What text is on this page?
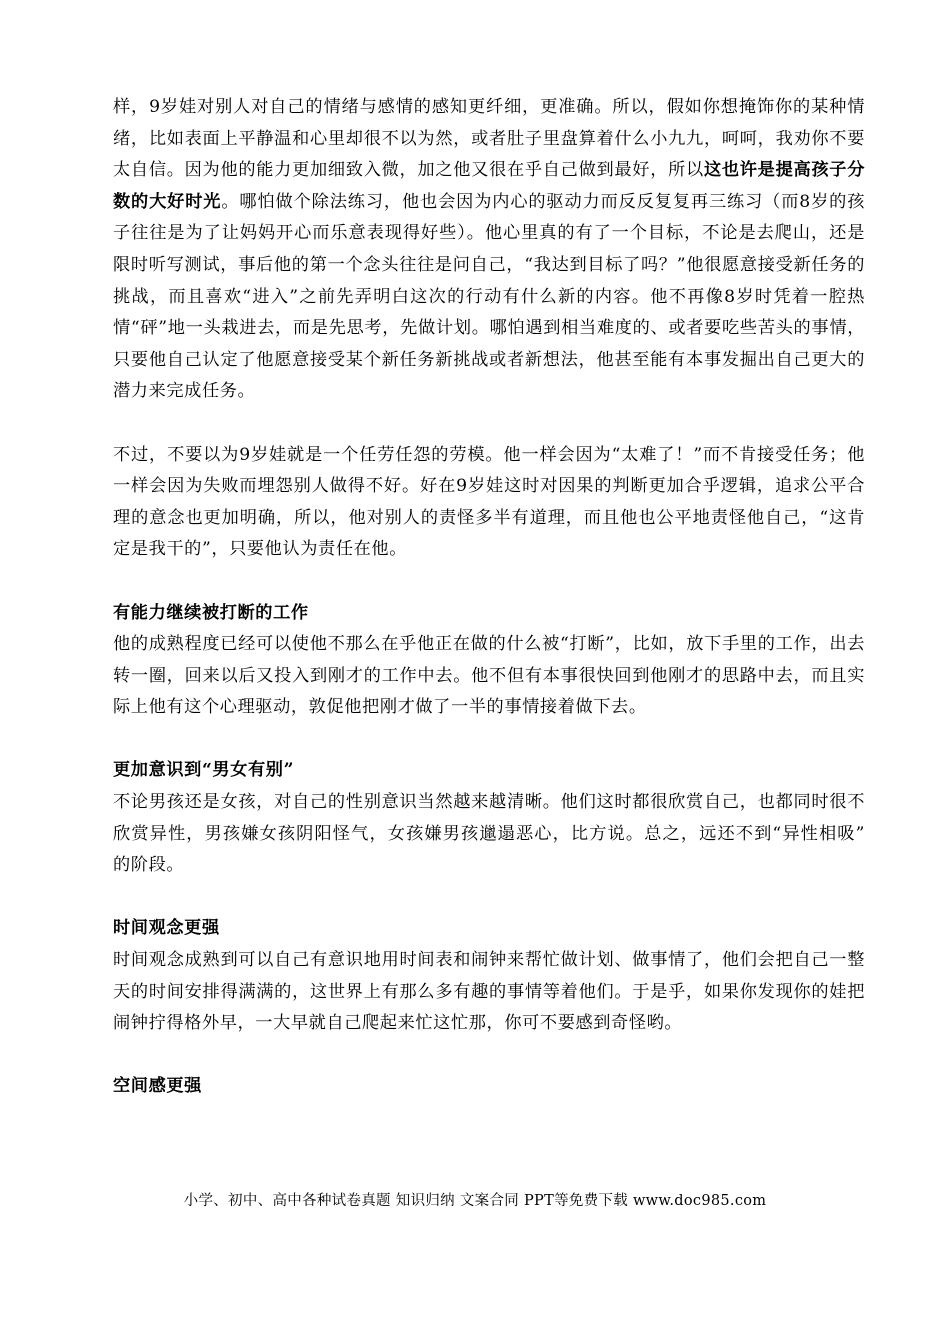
样，9岁娃对别人对自己的情绪与感情的感知更纤细，更准确。所以，假如你想掩饰你的某种情绪，比如表面上平静温和心里却很不以为然，或者肚子里盘算着什么小九九，呵呵，我劝你不要太自信。因为他的能力更加细致入微，加之他又很在乎自己做到最好，所以这也许是提高孩子分数的大好时光。哪怕做个除法练习，他也会因为内心的驱动力而反反复复再三练习（而8岁的孩子往往是为了让妈妈开心而乐意表现得好些）。他心里真的有了一个目标，不论是去爬山，还是限时听写测试，事后他的第一个念头往往是问自己，“我达到目标了吗？”他很愿意接受新任务的挑战，而且喜欢“进入”之前先弄明白这次的行动有什么新的内容。他不再像8岁时凭着一腔热情“砰”地一头栽进去，而是先思考，先做计划。哪怕遇到相当难度的、或者要吃些苦头的事情，只要他自己认定了他愿意接受某个新任务新挑战或者新想法，他甚至能有本事发掘出自己更大的潜力来完成任务。

不过，不要以为9岁娃就是一个任劳任怨的劳模。他一样会因为“太难了！”而不肯接受任务；他一样会因为失败而埋怨别人做得不好。好在9岁娃这时对因果的判断更加合乎逻辑，追求公平合理的意念也更加明确，所以，他对别人的责怪多半有道理，而且他也公平地责怪他自己，“这肯定是我干的”，只要他认为责任在他。

有能力继续被打断的工作

他的成熟程度已经可以使他不那么在乎他正在做的什么被“打断”，比如，放下手里的工作，出去转一圈，回来以后又投入到刚才的工作中去。他不但有本事很快回到他刚才的思路中去，而且实际上他有这个心理驱动，敦促他把刚才做了一半的事情接着做下去。

更加意识到“男女有别”

不论男孩还是女孩，对自己的性别意识当然越来越清晰。他们这时都很欣赏自己，也都同时很不欣赏异性，男孩嫌女孩阴阳怪气，女孩嫌男孩邋遢恶心，比方说。总之，远还不到“异性相吸” 的阶段。

时间观念更强

时间观念成熟到可以自己有意识地用时间表和闹钟来帮忙做计划、做事情了，他们会把自己一整天的时间安排得满满的，这世界上有那么多有趣的事情等着他们。于是乎，如果你发现你的娃把闹钟拧得格外早，一大早就自己爬起来忙这忙那，你可不要感到奇怪哟。

空间感更强

小学、初中、高中各种试卷真题 知识归纳 文案合同 PPT等免费下载 www.doc985.com
